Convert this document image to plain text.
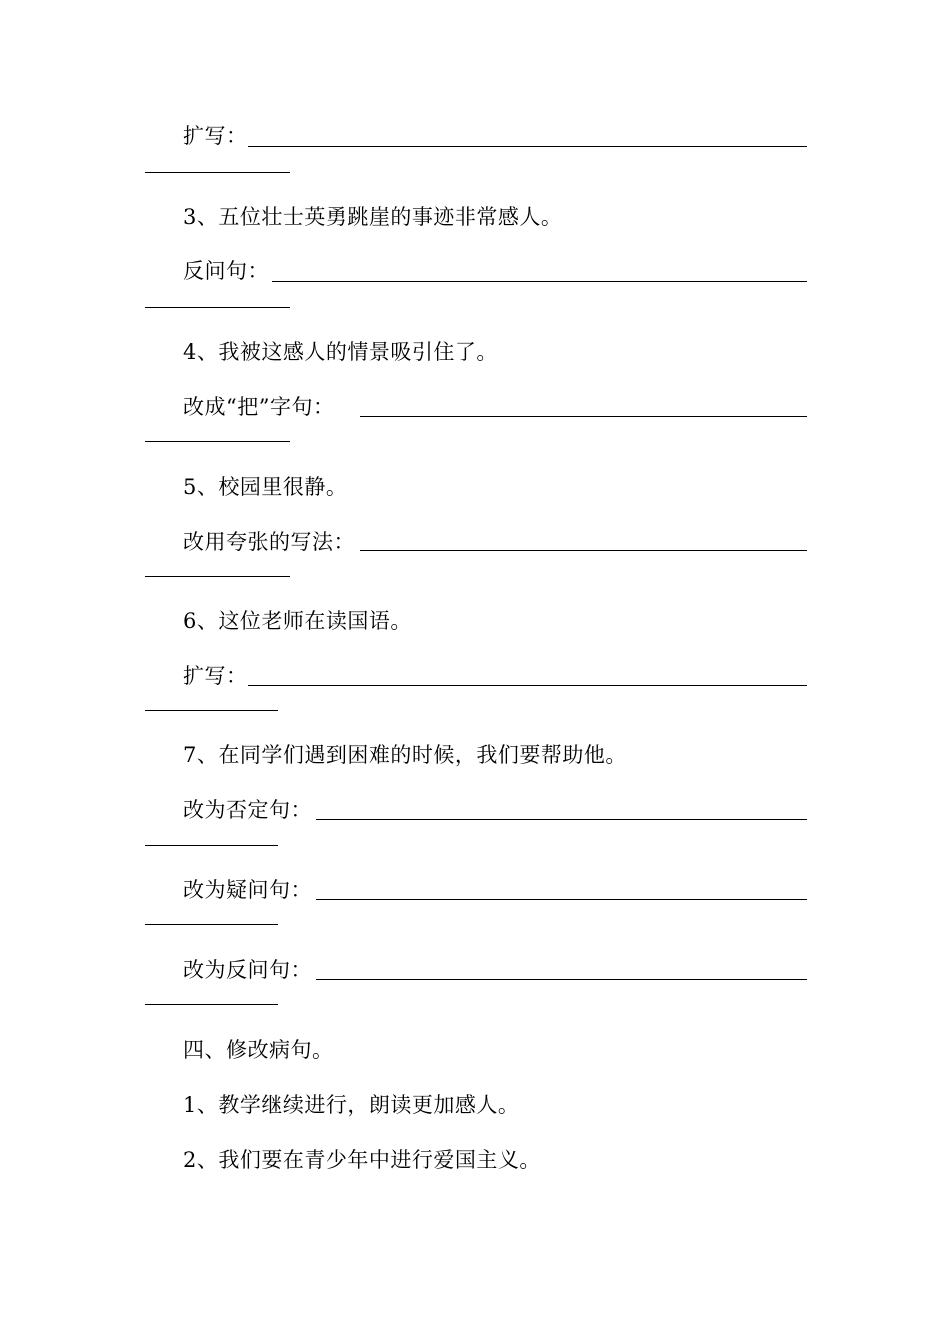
扩写：
3、五位壮士英勇跳崖的事迹非常感人。
反问句：
4、我被这感人的情景吸引住了。
改成“把”字句：
5、校园里很静。
改用夸张的写法：
6、这位老师在读国语。
扩写：
7、在同学们遇到困难的时候，我们要帮助他。
改为否定句：
改为疑问句：
改为反问句：
四、修改病句。
1、教学继续进行，朗读更加感人。
2、我们要在青少年中进行爱国主义。
